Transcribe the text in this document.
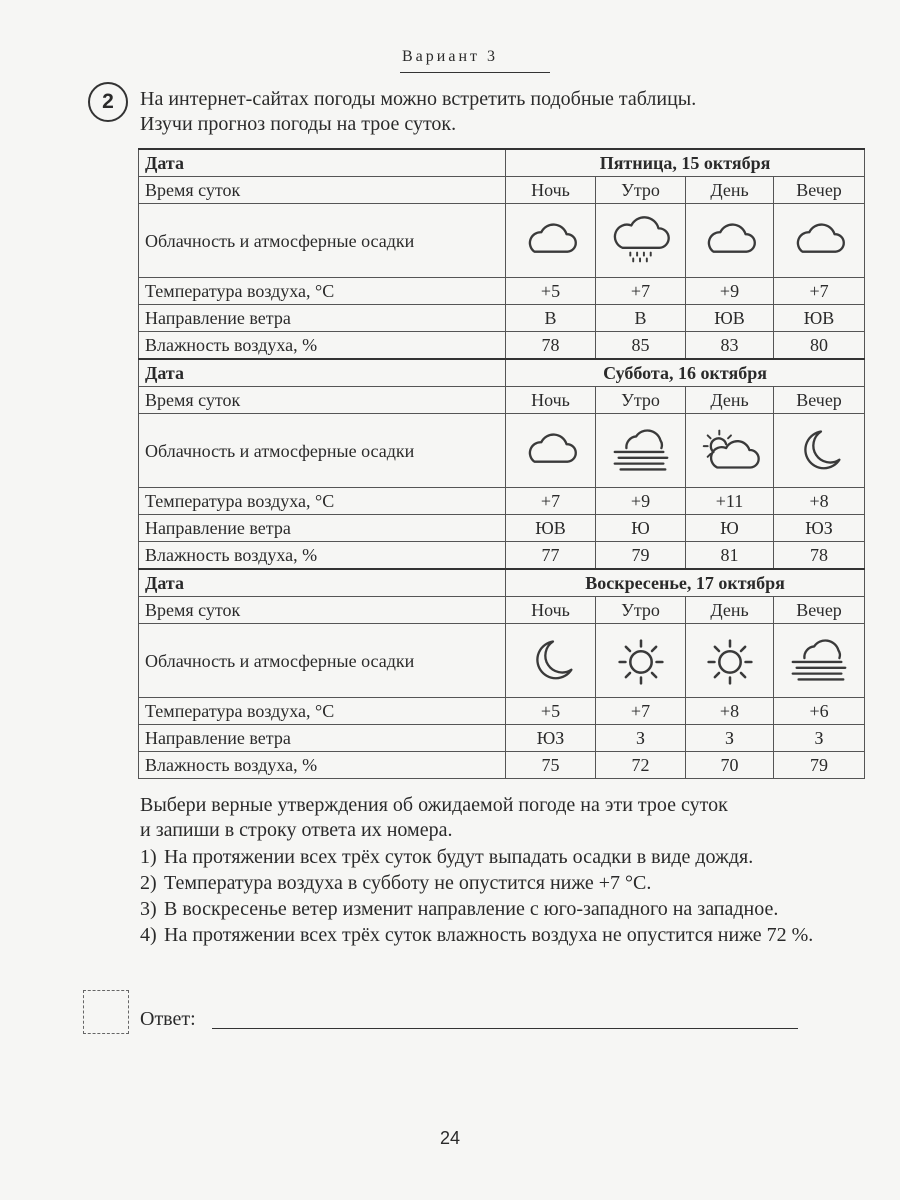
Вариант 3
2	На интернет-сайтах погоды можно встретить подобные таблицы.
Изучи прогноз погоды на трое суток.
Дата	Пятница, 15 октября			
Время суток	Ночь	Утро	День	Вечер
Облачность и атмосферные осадки	

Температура воздуха, °С	+5	+7	+9	+7
Направление ветра	В	В	ЮВ	ЮВ
Влажность воздуха, %	78	85	83	80
Дата	Суббота, 16 октября			
Время суток	Ночь	Утро	День	Вечер
Облачность и атмосферные осадки	

Температура воздуха, °С	+7	+9	+11	+8
Направление ветра	ЮВ	Ю	Ю	ЮЗ
Влажность воздуха, %	77	79	81	78
Дата	Воскресенье, 17 октября			
Время суток	Ночь	Утро	День	Вечер
Облачность и атмосферные осадки	

Температура воздуха, °С	+5	+7	+8	+6
Направление ветра	ЮЗ	З	З	З
Влажность воздуха, %	75	72	70	79
Выбери верные утверждения об ожидаемой погоде на эти трое суток
и запиши в строку ответа их номера.
1) На протяжении всех трёх суток будут выпадать осадки в виде дождя.
2) Температура воздуха в субботу не опустится ниже +7 °С.
3) В воскресенье ветер изменит направление с юго-западного на западное.
4) На протяжении всех трёх суток влажность воздуха не опустится ниже 72 %.
Ответ:
24
